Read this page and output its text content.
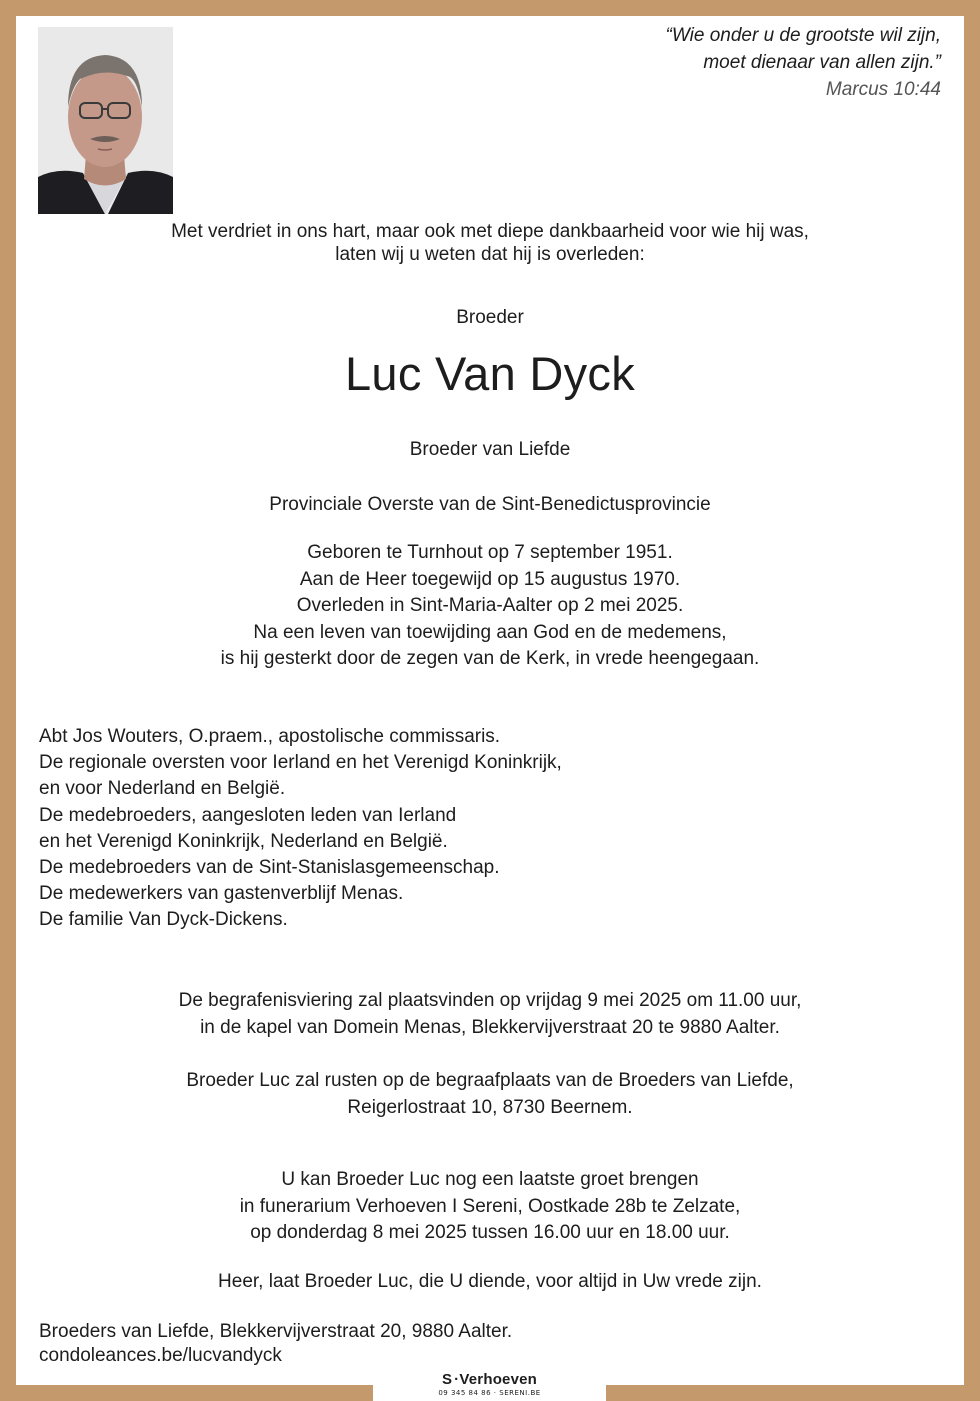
“Wie onder u de grootste wil zijn,
moet dienaar van allen zijn.”
Marcus 10:44
Met verdriet in ons hart, maar ook met diepe dankbaarheid voor wie hij was,
laten wij u weten dat hij is overleden:
Broeder
Luc Van Dyck
Broeder van Liefde
Provinciale Overste van de Sint-Benedictusprovincie
Geboren te Turnhout op 7 september 1951.
Aan de Heer toegewijd op 15 augustus 1970.
Overleden in Sint-Maria-Aalter op 2 mei 2025.
Na een leven van toewijding aan God en de medemens,
is hij gesterkt door de zegen van de Kerk, in vrede heengegaan.
Abt Jos Wouters, O.praem., apostolische commissaris.
De regionale oversten voor Ierland en het Verenigd Koninkrijk,
en voor Nederland en België.
De medebroeders, aangesloten leden van Ierland
en het Verenigd Koninkrijk, Nederland en België.
De medebroeders van de Sint-Stanislasgemeenschap.
De medewerkers van gastenverblijf Menas.
De familie Van Dyck-Dickens.
De begrafenisviering zal plaatsvinden op vrijdag 9 mei 2025 om 11.00 uur,
in de kapel van Domein Menas, Blekkervijverstraat 20 te 9880 Aalter.
Broeder Luc zal rusten op de begraafplaats van de Broeders van Liefde,
Reigerlostraat 10, 8730 Beernem.
U kan Broeder Luc nog een laatste groet brengen
in funerarium Verhoeven I Sereni, Oostkade 28b te Zelzate,
op donderdag 8 mei 2025 tussen 16.00 uur en 18.00 uur.
Heer, laat Broeder Luc, die U diende, voor altijd in Uw vrede zijn.
Broeders van Liefde, Blekkervijverstraat 20, 9880 Aalter.
condoleances.be/lucvandyck
S ·Verhoeven
09 345 84 86 · SERENI.BE
